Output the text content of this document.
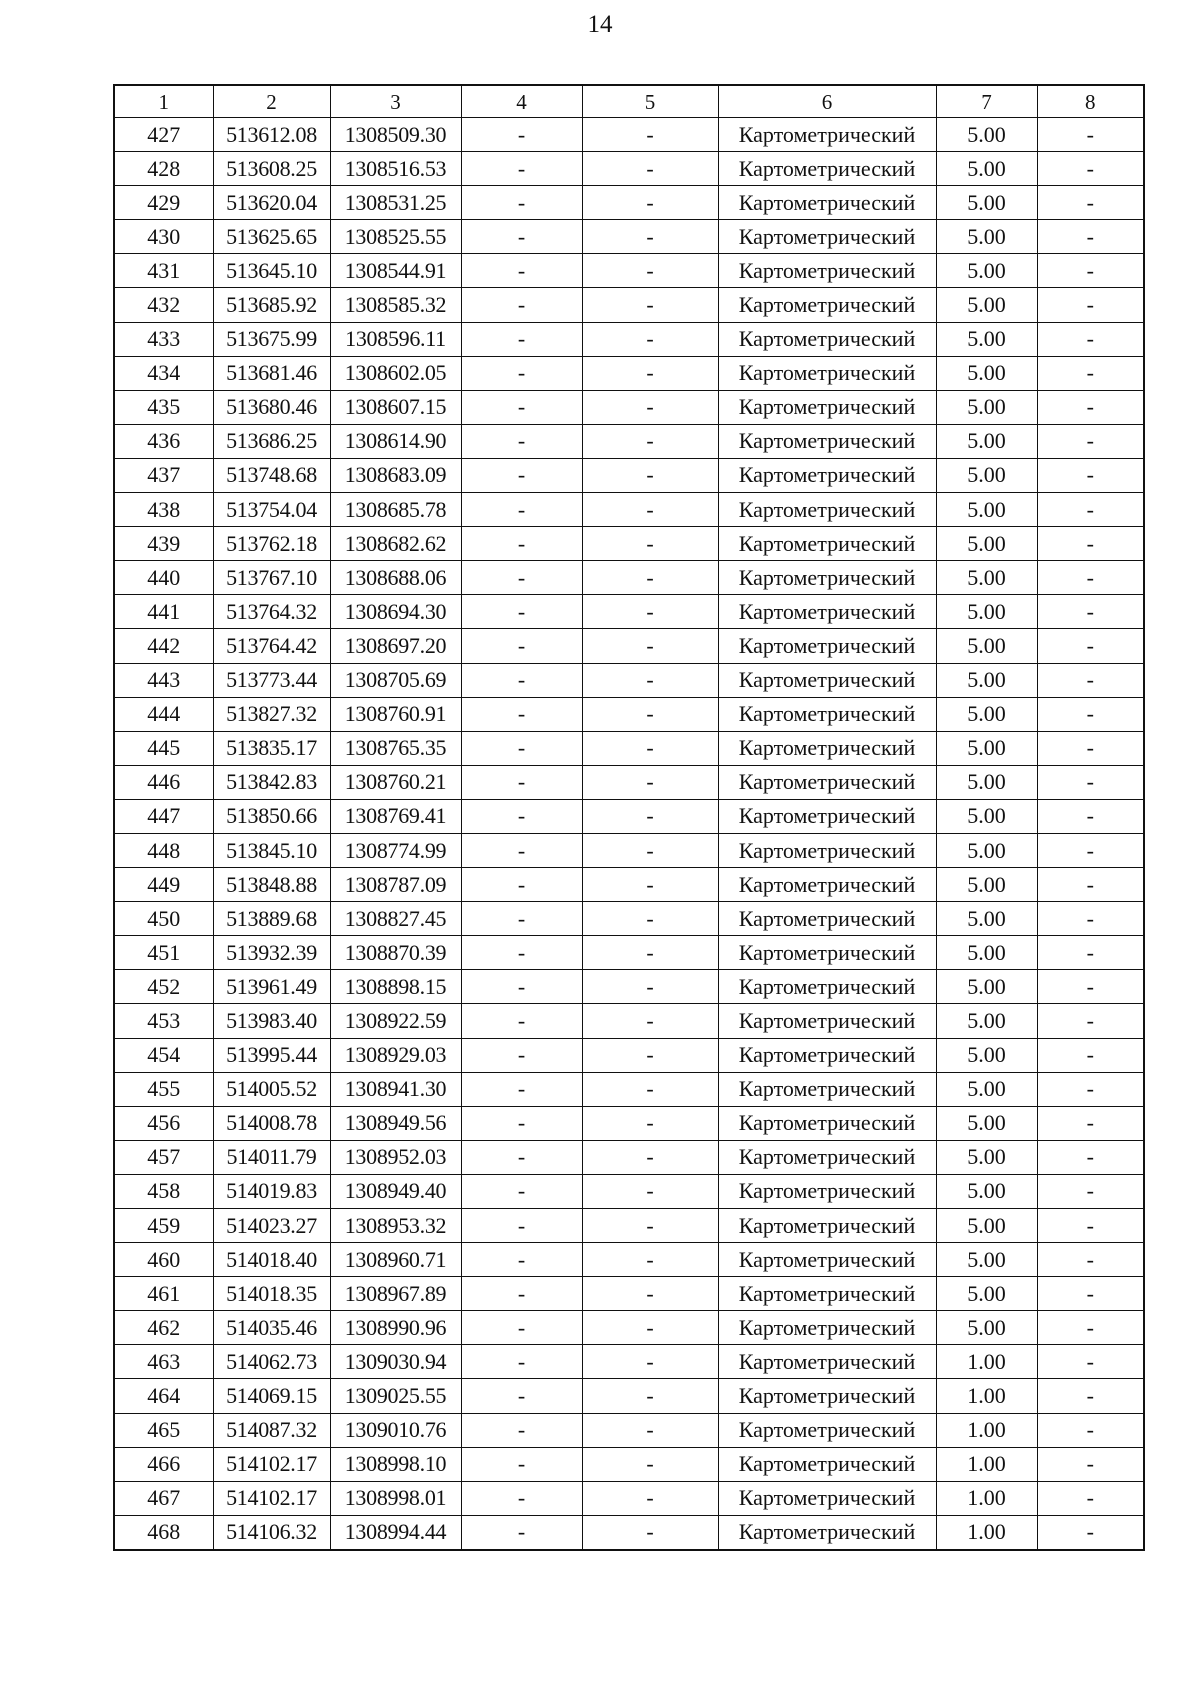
14
1	2	3	4	5	6	7	8
427	513612.08	1308509.30	-	-	Картометрический	5.00	-
428	513608.25	1308516.53	-	-	Картометрический	5.00	-
429	513620.04	1308531.25	-	-	Картометрический	5.00	-
430	513625.65	1308525.55	-	-	Картометрический	5.00	-
431	513645.10	1308544.91	-	-	Картометрический	5.00	-
432	513685.92	1308585.32	-	-	Картометрический	5.00	-
433	513675.99	1308596.11	-	-	Картометрический	5.00	-
434	513681.46	1308602.05	-	-	Картометрический	5.00	-
435	513680.46	1308607.15	-	-	Картометрический	5.00	-
436	513686.25	1308614.90	-	-	Картометрический	5.00	-
437	513748.68	1308683.09	-	-	Картометрический	5.00	-
438	513754.04	1308685.78	-	-	Картометрический	5.00	-
439	513762.18	1308682.62	-	-	Картометрический	5.00	-
440	513767.10	1308688.06	-	-	Картометрический	5.00	-
441	513764.32	1308694.30	-	-	Картометрический	5.00	-
442	513764.42	1308697.20	-	-	Картометрический	5.00	-
443	513773.44	1308705.69	-	-	Картометрический	5.00	-
444	513827.32	1308760.91	-	-	Картометрический	5.00	-
445	513835.17	1308765.35	-	-	Картометрический	5.00	-
446	513842.83	1308760.21	-	-	Картометрический	5.00	-
447	513850.66	1308769.41	-	-	Картометрический	5.00	-
448	513845.10	1308774.99	-	-	Картометрический	5.00	-
449	513848.88	1308787.09	-	-	Картометрический	5.00	-
450	513889.68	1308827.45	-	-	Картометрический	5.00	-
451	513932.39	1308870.39	-	-	Картометрический	5.00	-
452	513961.49	1308898.15	-	-	Картометрический	5.00	-
453	513983.40	1308922.59	-	-	Картометрический	5.00	-
454	513995.44	1308929.03	-	-	Картометрический	5.00	-
455	514005.52	1308941.30	-	-	Картометрический	5.00	-
456	514008.78	1308949.56	-	-	Картометрический	5.00	-
457	514011.79	1308952.03	-	-	Картометрический	5.00	-
458	514019.83	1308949.40	-	-	Картометрический	5.00	-
459	514023.27	1308953.32	-	-	Картометрический	5.00	-
460	514018.40	1308960.71	-	-	Картометрический	5.00	-
461	514018.35	1308967.89	-	-	Картометрический	5.00	-
462	514035.46	1308990.96	-	-	Картометрический	5.00	-
463	514062.73	1309030.94	-	-	Картометрический	1.00	-
464	514069.15	1309025.55	-	-	Картометрический	1.00	-
465	514087.32	1309010.76	-	-	Картометрический	1.00	-
466	514102.17	1308998.10	-	-	Картометрический	1.00	-
467	514102.17	1308998.01	-	-	Картометрический	1.00	-
468	514106.32	1308994.44	-	-	Картометрический	1.00	-
